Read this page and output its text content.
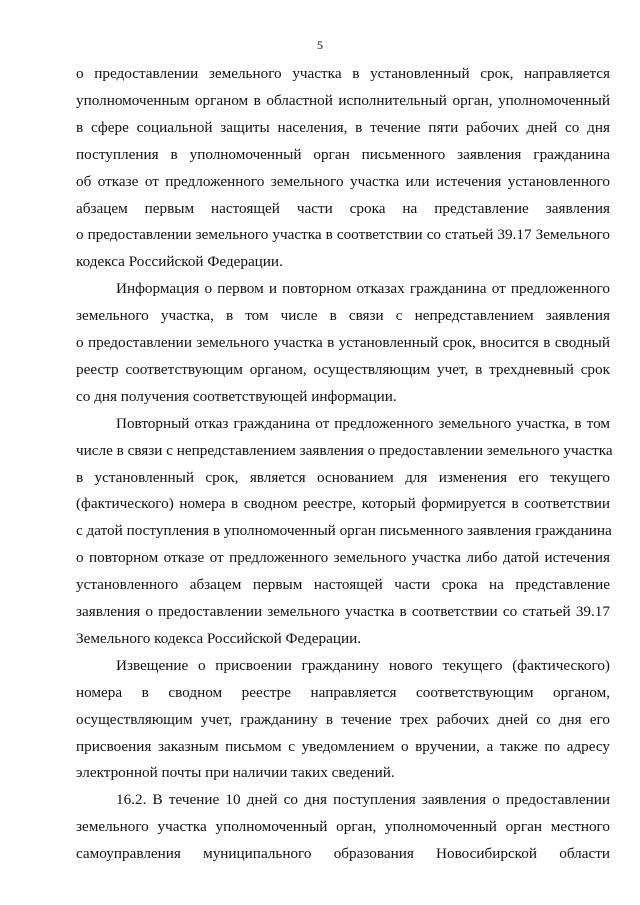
5
о предоставлении земельного участка в установленный срок, направляется
уполномоченным органом в областной исполнительный орган, уполномоченный
в сфере социальной защиты населения, в течение пяти рабочих дней со дня
поступления в уполномоченный орган письменного заявления гражданина
об отказе от предложенного земельного участка или истечения установленного
абзацем первым настоящей части срока на представление заявления
о предоставлении земельного участка в соответствии со статьей 39.17 Земельного
кодекса Российской Федерации.
Информация о первом и повторном отказах гражданина от предложенного
земельного участка, в том числе в связи с непредставлением заявления
о предоставлении земельного участка в установленный срок, вносится в сводный
реестр соответствующим органом, осуществляющим учет, в трехдневный срок
со дня получения соответствующей информации.
Повторный отказ гражданина от предложенного земельного участка, в том
числе в связи с непредставлением заявления о предоставлении земельного участка
в установленный срок, является основанием для изменения его текущего
(фактического) номера в сводном реестре, который формируется в соответствии
с датой поступления в уполномоченный орган письменного заявления гражданина
о повторном отказе от предложенного земельного участка либо датой истечения
установленного абзацем первым настоящей части срока на представление
заявления о предоставлении земельного участка в соответствии со статьей 39.17
Земельного кодекса Российской Федерации.
Извещение о присвоении гражданину нового текущего (фактического)
номера в сводном реестре направляется соответствующим органом,
осуществляющим учет, гражданину в течение трех рабочих дней со дня его
присвоения заказным письмом с уведомлением о вручении, а также по адресу
электронной почты при наличии таких сведений.
16.2. В течение 10 дней со дня поступления заявления о предоставлении
земельного участка уполномоченный орган, уполномоченный орган местного
самоуправления муниципального образования Новосибирской области
